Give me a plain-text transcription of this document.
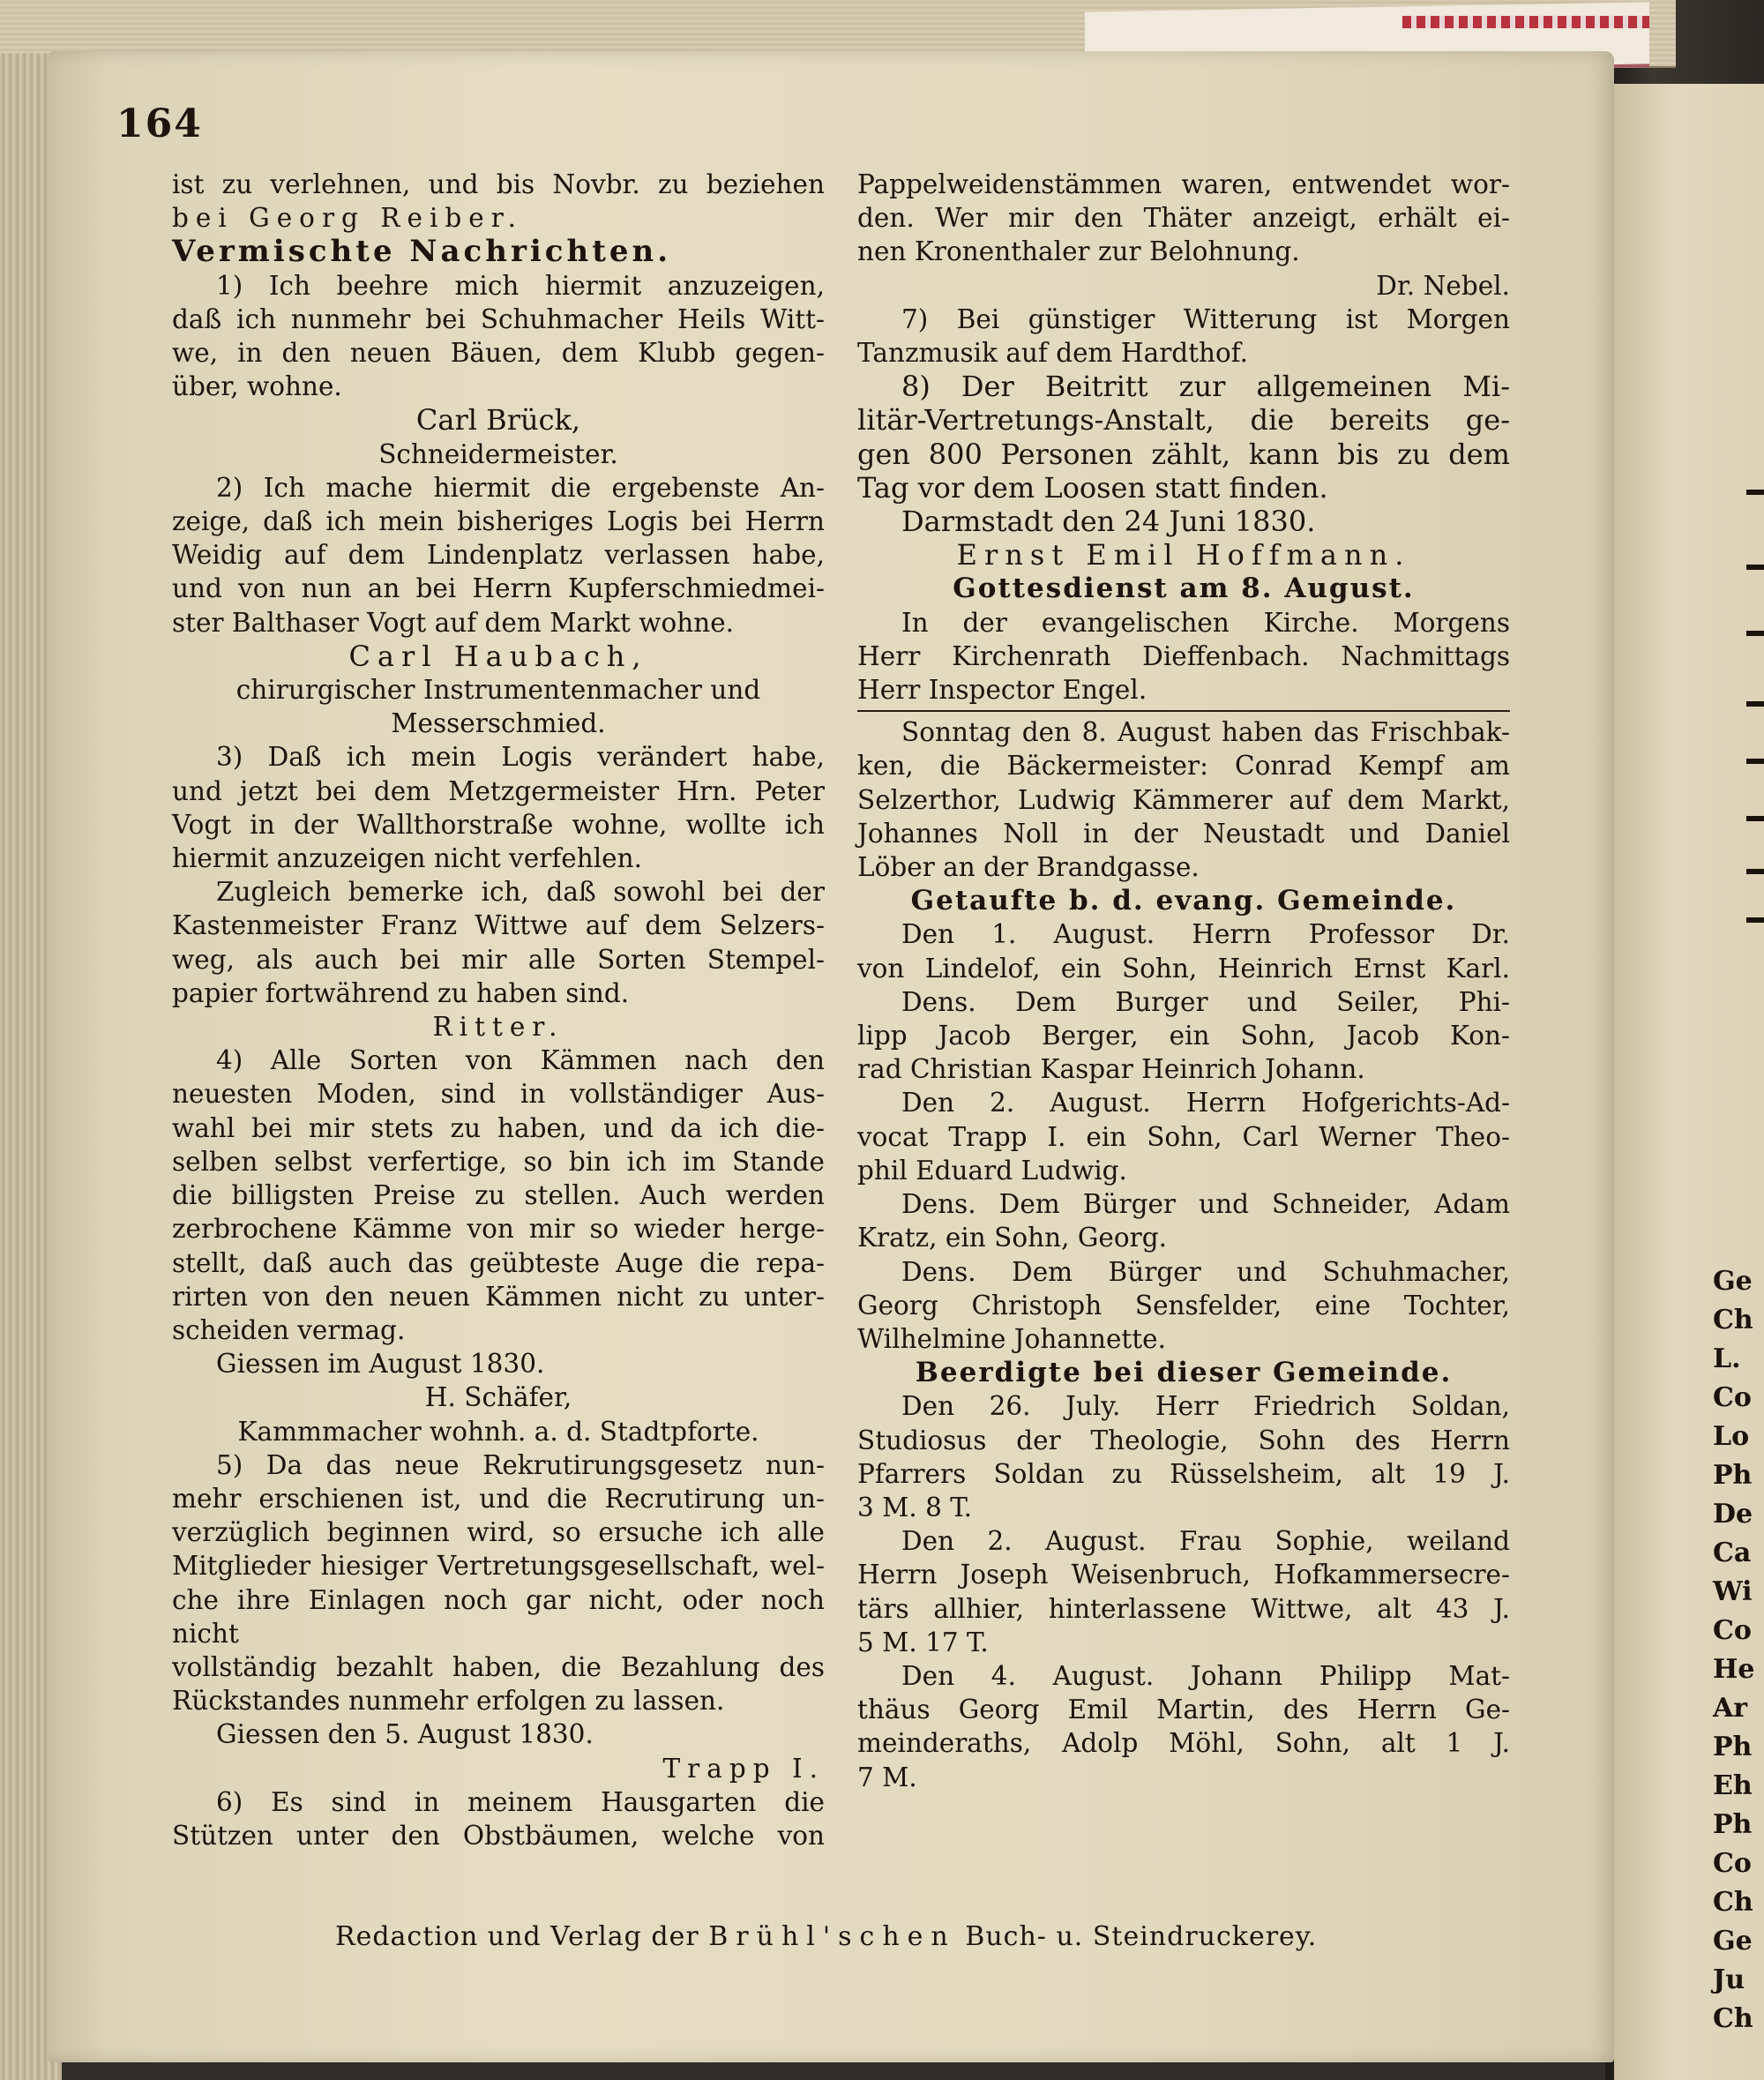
Ge
Ch
L.
Co
Lo
Ph
De
Ca
Wi
Co
He
Ar
Ph
Eh
Ph
Co
Ch
Ge
Ju
Ch
164

ist zu verlehnen, und bis Novbr. zu beziehen

bei Georg Reiber.

Vermischte Nachrichten.

1) Ich beehre mich hiermit anzuzeigen,

daß ich nunmehr bei Schuhmacher Heils Witt-

we, in den neuen Bäuen, dem Klubb gegen-

über, wohne.

Carl Brück,

Schneidermeister.

2) Ich mache hiermit die ergebenste An-

zeige, daß ich mein bisheriges Logis bei Herrn

Weidig auf dem Lindenplatz verlassen habe,

und von nun an bei Herrn Kupferschmiedmei-

ster Balthaser Vogt auf dem Markt wohne.

Carl Haubach,

chirurgischer Instrumentenmacher und

Messerschmied.

3) Daß ich mein Logis verändert habe,

und jetzt bei dem Metzgermeister Hrn. Peter

Vogt in der Wallthorstraße wohne, wollte ich

hiermit anzuzeigen nicht verfehlen.

Zugleich bemerke ich, daß sowohl bei der

Kastenmeister Franz Wittwe auf dem Selzers-

weg, als auch bei mir alle Sorten Stempel-

papier fortwährend zu haben sind.

Ritter.

4) Alle Sorten von Kämmen nach den

neuesten Moden, sind in vollständiger Aus-

wahl bei mir stets zu haben, und da ich die-

selben selbst verfertige, so bin ich im Stande

die billigsten Preise zu stellen. Auch werden

zerbrochene Kämme von mir so wieder herge-

stellt, daß auch das geübteste Auge die repa-

rirten von den neuen Kämmen nicht zu unter-

scheiden vermag.

Giessen im August 1830.

H. Schäfer,

Kammmacher wohnh. a. d. Stadtpforte.

5) Da das neue Rekrutirungsgesetz nun-

mehr erschienen ist, und die Recrutirung un-

verzüglich beginnen wird, so ersuche ich alle

Mitglieder hiesiger Vertretungsgesellschaft, wel-

che ihre Einlagen noch gar nicht, oder noch nicht

vollständig bezahlt haben, die Bezahlung des

Rückstandes nunmehr erfolgen zu lassen.

Giessen den 5. August 1830.

Trapp I.

6) Es sind in meinem Hausgarten die

Stützen unter den Obstbäumen, welche von

Pappelweidenstämmen waren, entwendet wor-

den. Wer mir den Thäter anzeigt, erhält ei-

nen Kronenthaler zur Belohnung.

Dr. Nebel.

7) Bei günstiger Witterung ist Morgen

Tanzmusik auf dem Hardthof.

8) Der Beitritt zur allgemeinen Mi-

litär-Vertretungs-Anstalt, die bereits ge-

gen 800 Personen zählt, kann bis zu dem

Tag vor dem Loosen statt finden.

Darmstadt den 24 Juni 1830.

Ernst Emil Hoffmann.

Gottesdienst am 8. August.

In der evangelischen Kirche. Morgens

Herr Kirchenrath Dieffenbach. Nachmittags

Herr Inspector Engel.

Sonntag den 8. August haben das Frischbak-

ken, die Bäckermeister: Conrad Kempf am

Selzerthor, Ludwig Kämmerer auf dem Markt,

Johannes Noll in der Neustadt und Daniel

Löber an der Brandgasse.

Getaufte b. d. evang. Gemeinde.

Den 1. August. Herrn Professor Dr.

von Lindelof, ein Sohn, Heinrich Ernst Karl.

Dens. Dem Burger und Seiler, Phi-

lipp Jacob Berger, ein Sohn, Jacob Kon-

rad Christian Kaspar Heinrich Johann.

Den 2. August. Herrn Hofgerichts-Ad-

vocat Trapp I. ein Sohn, Carl Werner Theo-

phil Eduard Ludwig.

Dens. Dem Bürger und Schneider, Adam

Kratz, ein Sohn, Georg.

Dens. Dem Bürger und Schuhmacher,

Georg Christoph Sensfelder, eine Tochter,

Wilhelmine Johannette.

Beerdigte bei dieser Gemeinde.

Den 26. July. Herr Friedrich Soldan,

Studiosus der Theologie, Sohn des Herrn

Pfarrers Soldan zu Rüsselsheim, alt 19 J.

3 M. 8 T.

Den 2. August. Frau Sophie, weiland

Herrn Joseph Weisenbruch, Hofkammersecre-

tärs allhier, hinterlassene Wittwe, alt 43 J.

5 M. 17 T.

Den 4. August. Johann Philipp Mat-

thäus Georg Emil Martin, des Herrn Ge-

meinderaths, Adolp Möhl, Sohn, alt 1 J.

7 M.

Redaction und Verlag der Brühl'schen Buch- u. Steindruckerey.
